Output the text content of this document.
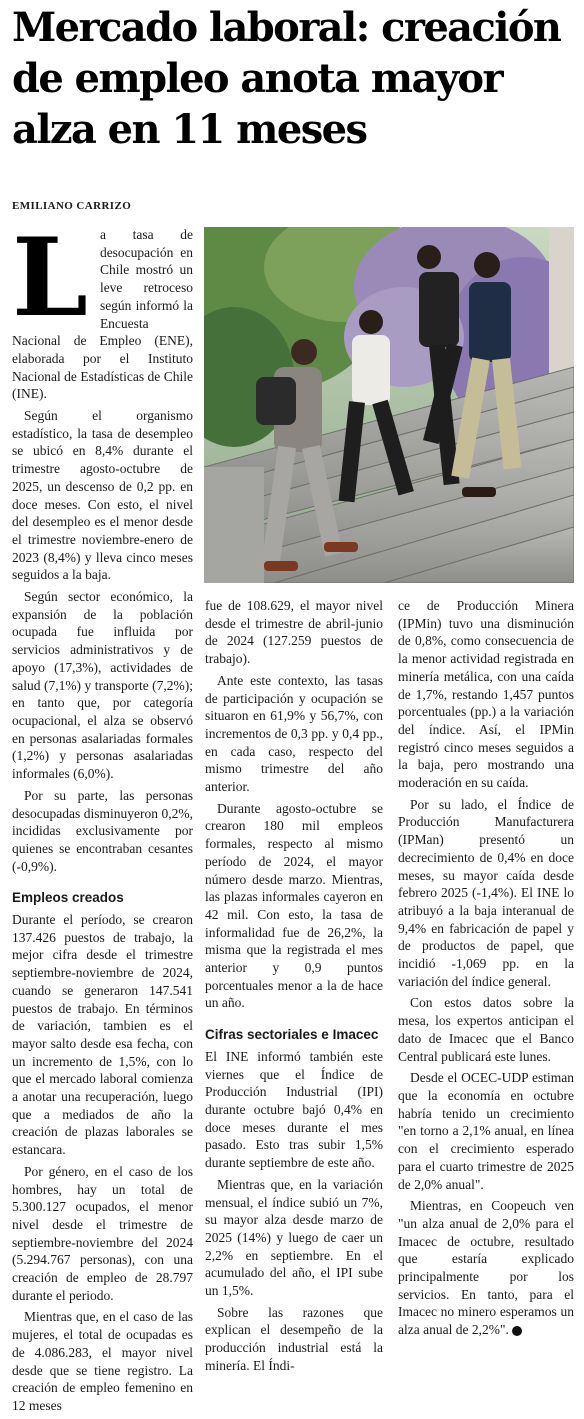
Mercado laboral: creación de empleo anota mayor alza en 11 meses
EMILIANO CARRIZO

La tasa de desocupación en Chile mostró un leve retroceso según informó la Encuesta Nacional de Empleo (ENE), elaborada por el Instituto Nacional de Estadísticas de Chile (INE).

Según el organismo estadístico, la tasa de desempleo se ubicó en 8,4% durante el trimestre agosto-octubre de 2025, un descenso de 0,2 pp. en doce meses. Con esto, el nivel del desempleo es el menor desde el trimestre noviembre-enero de 2023 (8,4%) y lleva cinco meses seguidos a la baja.

Según sector económico, la expansión de la población ocupada fue influida por servicios administrativos y de apoyo (17,3%), actividades de salud (7,1%) y transporte (7,2%); en tanto que, por categoría ocupacional, el alza se observó en personas asalariadas formales (1,2%) y personas asalariadas informales (6,0%).

Por su parte, las personas desocupadas disminuyeron 0,2%, incididas exclusivamente por quienes se encontraban cesantes (-0,9%).

Empleos creados

Durante el período, se crearon 137.426 puestos de trabajo, la mejor cifra desde el trimestre septiembre-noviembre de 2024, cuando se generaron 147.541 puestos de trabajo. En términos de variación, tambien es el mayor salto desde esa fecha, con un incremento de 1,5%, con lo que el mercado laboral comienza a anotar una recuperación, luego que a mediados de año la creación de plazas laborales se estancara.

Por género, en el caso de los hombres, hay un total de 5.300.127 ocupados, el menor nivel desde el trimestre de septiembre-noviembre del 2024 (5.294.767 personas), con una creación de empleo de 28.797 durante el periodo.

Mientras que, en el caso de las mujeres, el total de ocupadas es de 4.086.283, el mayor nivel desde que se tiene registro. La creación de empleo femenino en 12 meses

fue de 108.629, el mayor nivel desde el trimestre de abril-junio de 2024 (127.259 puestos de trabajo).

Ante este contexto, las tasas de participación y ocupación se situaron en 61,9% y 56,7%, con incrementos de 0,3 pp. y 0,4 pp., en cada caso, respecto del mismo trimestre del año anterior.

Durante agosto-octubre se crearon 180 mil empleos formales, respecto al mismo período de 2024, el mayor número desde marzo. Mientras, las plazas informales cayeron en 42 mil. Con esto, la tasa de informalidad fue de 26,2%, la misma que la registrada el mes anterior y 0,9 puntos porcentuales menor a la de hace un año.

Cifras sectoriales e Imacec

El INE informó también este viernes que el Índice de Producción Industrial (IPI) durante octubre bajó 0,4% en doce meses durante el mes pasado. Esto tras subir 1,5% durante septiembre de este año.

Mientras que, en la variación mensual, el índice subió un 7%, su mayor alza desde marzo de 2025 (14%) y luego de caer un 2,2% en septiembre. En el acumulado del año, el IPI sube un 1,5%.

Sobre las razones que explican el desempeño de la producción industrial está la minería. El Índi-

ce de Producción Minera (IPMin) tuvo una disminución de 0,8%, como consecuencia de la menor actividad registrada en minería metálica, con una caída de 1,7%, restando 1,457 puntos porcentuales (pp.) a la variación del índice. Así, el IPMin registró cinco meses seguidos a la baja, pero mostrando una moderación en su caída.

Por su lado, el Índice de Producción Manufacturera (IPMan) presentó un decrecimiento de 0,4% en doce meses, su mayor caída desde febrero 2025 (-1,4%). El INE lo atribuyó a la baja interanual de 9,4% en fabricación de papel y de productos de papel, que incidió -1,069 pp. en la variación del índice general.

Con estos datos sobre la mesa, los expertos anticipan el dato de Imacec que el Banco Central publicará este lunes.

Desde el OCEC-UDP estiman que la economía en octubre habría tenido un crecimiento "en torno a 2,1% anual, en línea con el crecimiento esperado para el cuarto trimestre de 2025 de 2,0% anual".

Mientras, en Coopeuch ven "un alza anual de 2,0% para el Imacec de octubre, resultado que estaría explicado principalmente por los servicios. En tanto, para el Imacec no minero esperamos un alza anual de 2,2%". P
